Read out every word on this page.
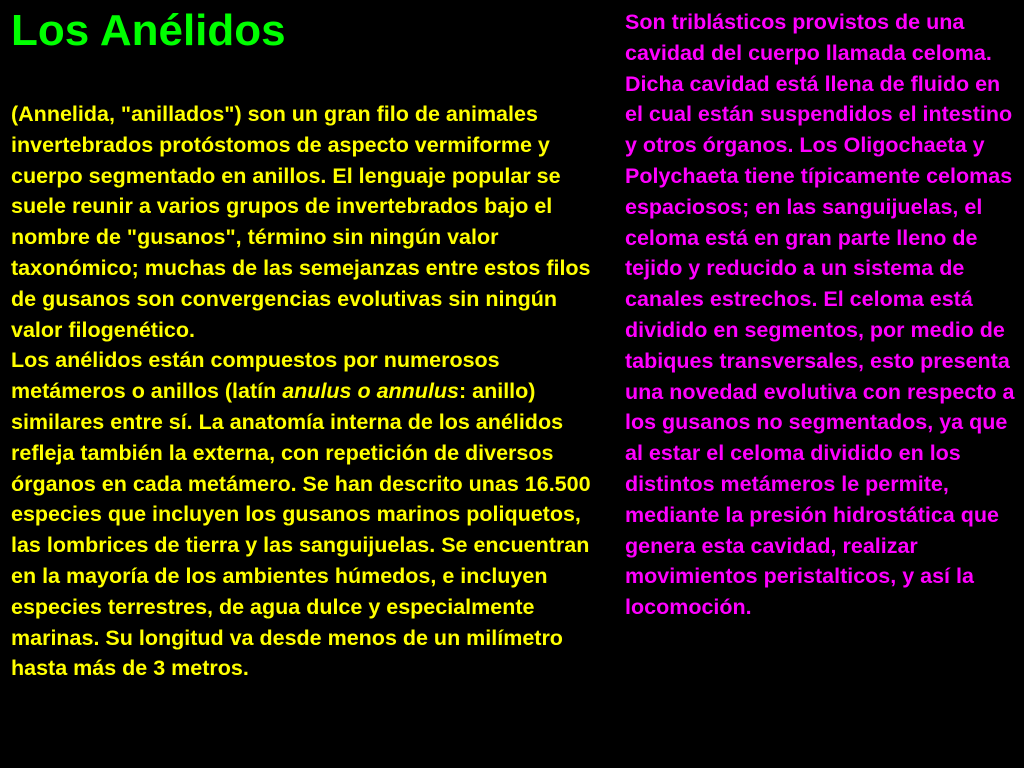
Los Anélidos

(Annelida, "anillados") son un gran filo de animales invertebrados protóstomos de aspecto vermiforme y cuerpo segmentado en anillos. El lenguaje popular se suele reunir a varios grupos de invertebrados bajo el nombre de "gusanos", término sin ningún valor taxonómico; muchas de las semejanzas entre estos filos de gusanos son convergencias evolutivas sin ningún valor filogenético.

Los anélidos están compuestos por numerosos metámeros o anillos (latín anulus o annulus: anillo) similares entre sí. La anatomía interna de los anélidos refleja también la externa, con repetición de diversos órganos en cada metámero. Se han descrito unas 16.500 especies que incluyen los gusanos marinos poliquetos, las lombrices de tierra y las sanguijuelas. Se encuentran en la mayoría de los ambientes húmedos, e incluyen especies terrestres, de agua dulce y especialmente marinas. Su longitud va desde menos de un milímetro hasta más de 3 metros.

Son triblásticos provistos de una cavidad del cuerpo llamada celoma. Dicha cavidad está llena de fluido en el cual están suspendidos el intestino y otros órganos. Los Oligochaeta y Polychaeta tiene típicamente celomas espaciosos; en las sanguijuelas, el celoma está en gran parte lleno de tejido y reducido a un sistema de canales estrechos. El celoma está dividido en segmentos, por medio de tabiques transversales, esto presenta una novedad evolutiva con respecto a los gusanos no segmentados, ya que al estar el celoma dividido en los distintos metámeros le permite, mediante la presión hidrostática que genera esta cavidad, realizar movimientos peristalticos, y así la locomoción.
